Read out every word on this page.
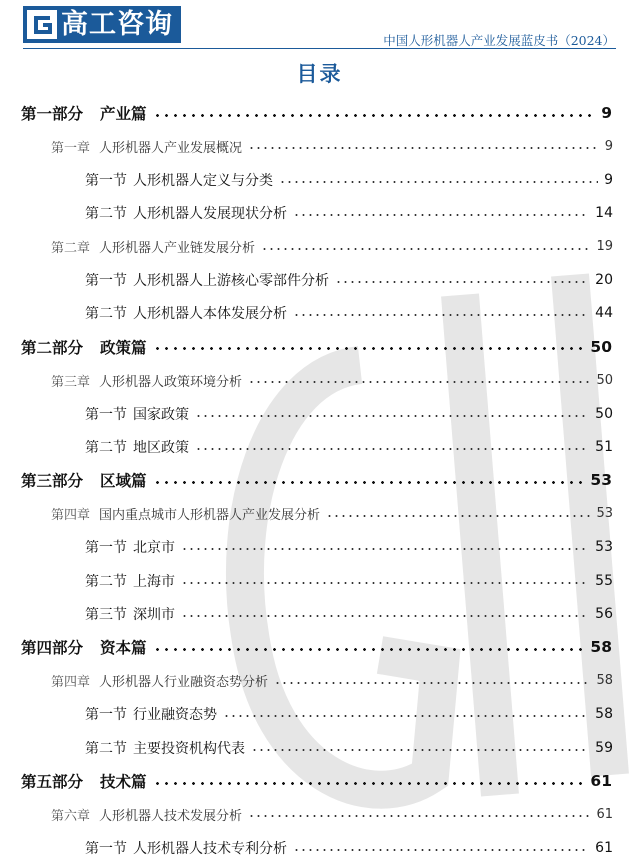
高工咨询
中国人形机器人产业发展蓝皮书（2024）
目录
第一部分 产业篇	9
第一章 人形机器人产业发展概况	9
第一节 人形机器人定义与分类	9
第二节 人形机器人发展现状分析	14
第二章 人形机器人产业链发展分析	19
第一节 人形机器人上游核心零部件分析	20
第二节 人形机器人本体发展分析	44
第二部分 政策篇	50
第三章 人形机器人政策环境分析	50
第一节 国家政策	50
第二节 地区政策	51
第三部分 区域篇	53
第四章 国内重点城市人形机器人产业发展分析	53
第一节 北京市	53
第二节 上海市	55
第三节 深圳市	56
第四部分 资本篇	58
第四章 人形机器人行业融资态势分析	58
第一节 行业融资态势	58
第二节 主要投资机构代表	59
第五部分 技术篇	61
第六章 人形机器人技术发展分析	61
第一节 人形机器人技术专利分析	61
